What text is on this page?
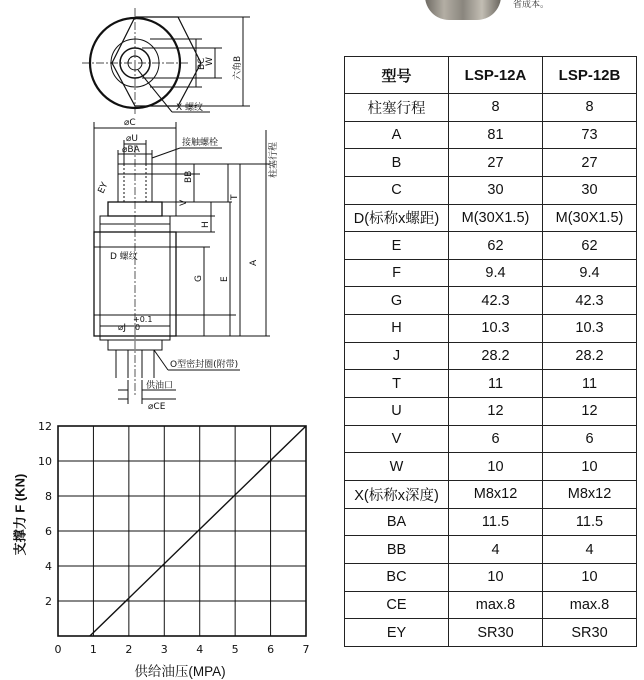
省成本。
X 螺纹
W
BC	六角B
⌀C
⌀U
⌀BA
接触螺栓	柱塞行程
EY
BB
V
T
H
D 螺纹
G E
A
⌀J
+0.1
0
O型密封圈(附带)
供油口
⌀CE
支撑力 F (KN)
0	1	2	3	4	5	6	7
2
4
6
8
10
12
供给油压(MPA)
型号	LSP-12A	LSP-12B
柱塞行程	8	8
A	81	73
B	27	27
C	30	30
D(标称x螺距)	M(30X1.5)	M(30X1.5)
E	62	62
F	9.4	9.4
G	42.3	42.3
H	10.3	10.3
J	28.2	28.2
T	11	11
U	12	12
V	6	6
W	10	10
X(标称x深度)	M8x12	M8x12
BA	11.5	11.5
BB	4	4
BC	10	10
CE	max.8	max.8
EY	SR30	SR30
